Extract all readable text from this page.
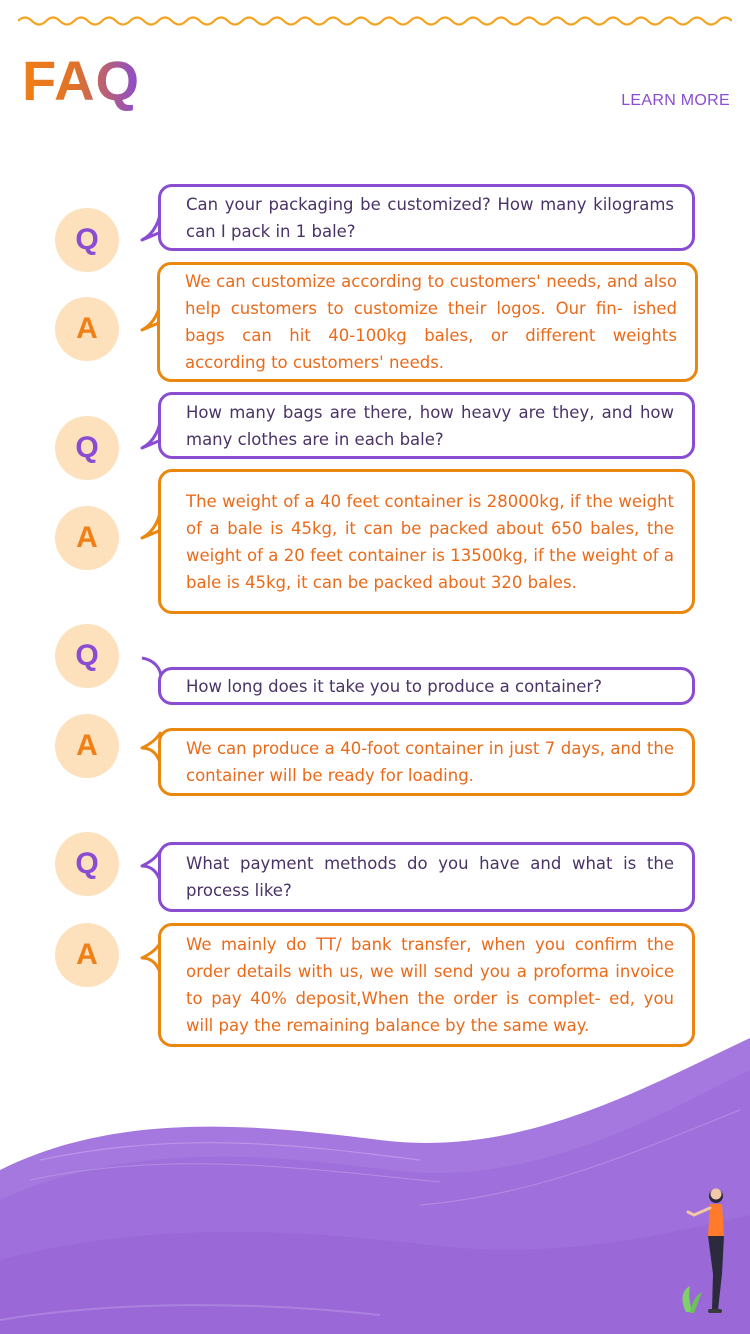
FAQ	LEARN MORE
Q
Can your packaging be customized? How many kilograms can I pack in 1 bale?
A
We can customize according to customers' needs, and also help customers to customize their logos. Our fin- ished bags can hit 40-100kg bales, or different weights according to customers' needs.
Q
How many bags are there, how heavy are they, and how many clothes are in each bale?
A
The weight of a 40 feet container is 28000kg, if the weight of a bale is 45kg, it can be packed about 650 bales, the weight of a 20 feet container is 13500kg, if the weight of a bale is 45kg, it can be packed about 320 bales.
Q
How long does it take you to produce a container?
A	We can produce a 40-foot container in just 7 days, and the container will be ready for loading.
Q	What payment methods do you have and what is the process like?
A	We mainly do TT/ bank transfer, when you confirm the order details with us, we will send you a proforma invoice to pay 40% deposit,When the order is complet- ed, you will pay the remaining balance by the same way.
